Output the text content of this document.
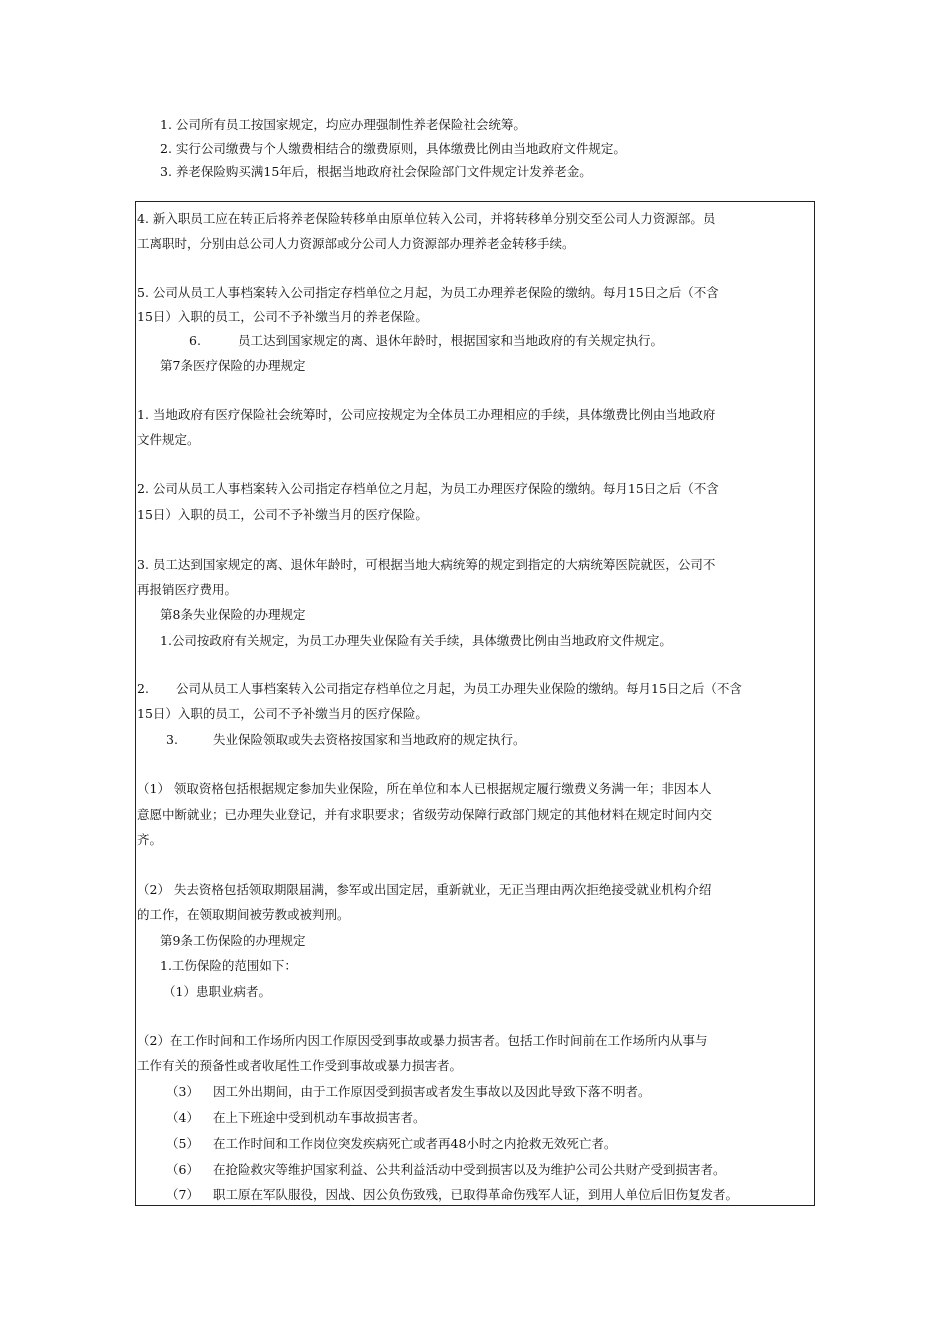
1. 公司所有员工按国家规定，均应办理强制性养老保险社会统筹。
2. 实行公司缴费与个人缴费相结合的缴费原则，具体缴费比例由当地政府文件规定。
3. 养老保险购买满15年后，根据当地政府社会保险部门文件规定计发养老金。
4. 新入职员工应在转正后将养老保险转移单由原单位转入公司，并将转移单分别交至公司人力资源部。员
工离职时，分别由总公司人力资源部或分公司人力资源部办理养老金转移手续。
5. 公司从员工人事档案转入公司指定存档单位之月起，为员工办理养老保险的缴纳。每月15日之后（不含
15日）入职的员工，公司不予补缴当月的养老保险。
6.	员工达到国家规定的离、退休年龄时，根据国家和当地政府的有关规定执行。
第7条医疗保险的办理规定
1. 当地政府有医疗保险社会统筹时，公司应按规定为全体员工办理相应的手续，具体缴费比例由当地政府
文件规定。
2. 公司从员工人事档案转入公司指定存档单位之月起，为员工办理医疗保险的缴纳。每月15日之后（不含
15日）入职的员工，公司不予补缴当月的医疗保险。
3. 员工达到国家规定的离、退休年龄时，可根据当地大病统筹的规定到指定的大病统筹医院就医，公司不
再报销医疗费用。
第8条失业保险的办理规定
1.公司按政府有关规定，为员工办理失业保险有关手续，具体缴费比例由当地政府文件规定。
2. 公司从员工人事档案转入公司指定存档单位之月起，为员工办理失业保险的缴纳。每月15日之后（不含
15日）入职的员工，公司不予补缴当月的医疗保险。
3.	失业保险领取或失去资格按国家和当地政府的规定执行。
（1） 领取资格包括根据规定参加失业保险，所在单位和本人已根据规定履行缴费义务满一年；非因本人
意愿中断就业；已办理失业登记，并有求职要求；省级劳动保障行政部门规定的其他材料在规定时间内交
齐。
（2） 失去资格包括领取期限届满，参军或出国定居，重新就业，无正当理由两次拒绝接受就业机构介绍
的工作，在领取期间被劳教或被判刑。
第9条工伤保险的办理规定
1.工伤保险的范围如下：
（1）患职业病者。
（2）在工作时间和工作场所内因工作原因受到事故或暴力损害者。包括工作时间前在工作场所内从事与
工作有关的预备性或者收尾性工作受到事故或暴力损害者。
（3） 因工外出期间，由于工作原因受到损害或者发生事故以及因此导致下落不明者。
（4） 在上下班途中受到机动车事故损害者。
（5） 在工作时间和工作岗位突发疾病死亡或者再48小时之内抢救无效死亡者。
（6） 在抢险救灾等维护国家利益、公共利益活动中受到损害以及为维护公司公共财产受到损害者。
（7） 职工原在军队服役，因战、因公负伤致残，已取得革命伤残军人证，到用人单位后旧伤复发者。
